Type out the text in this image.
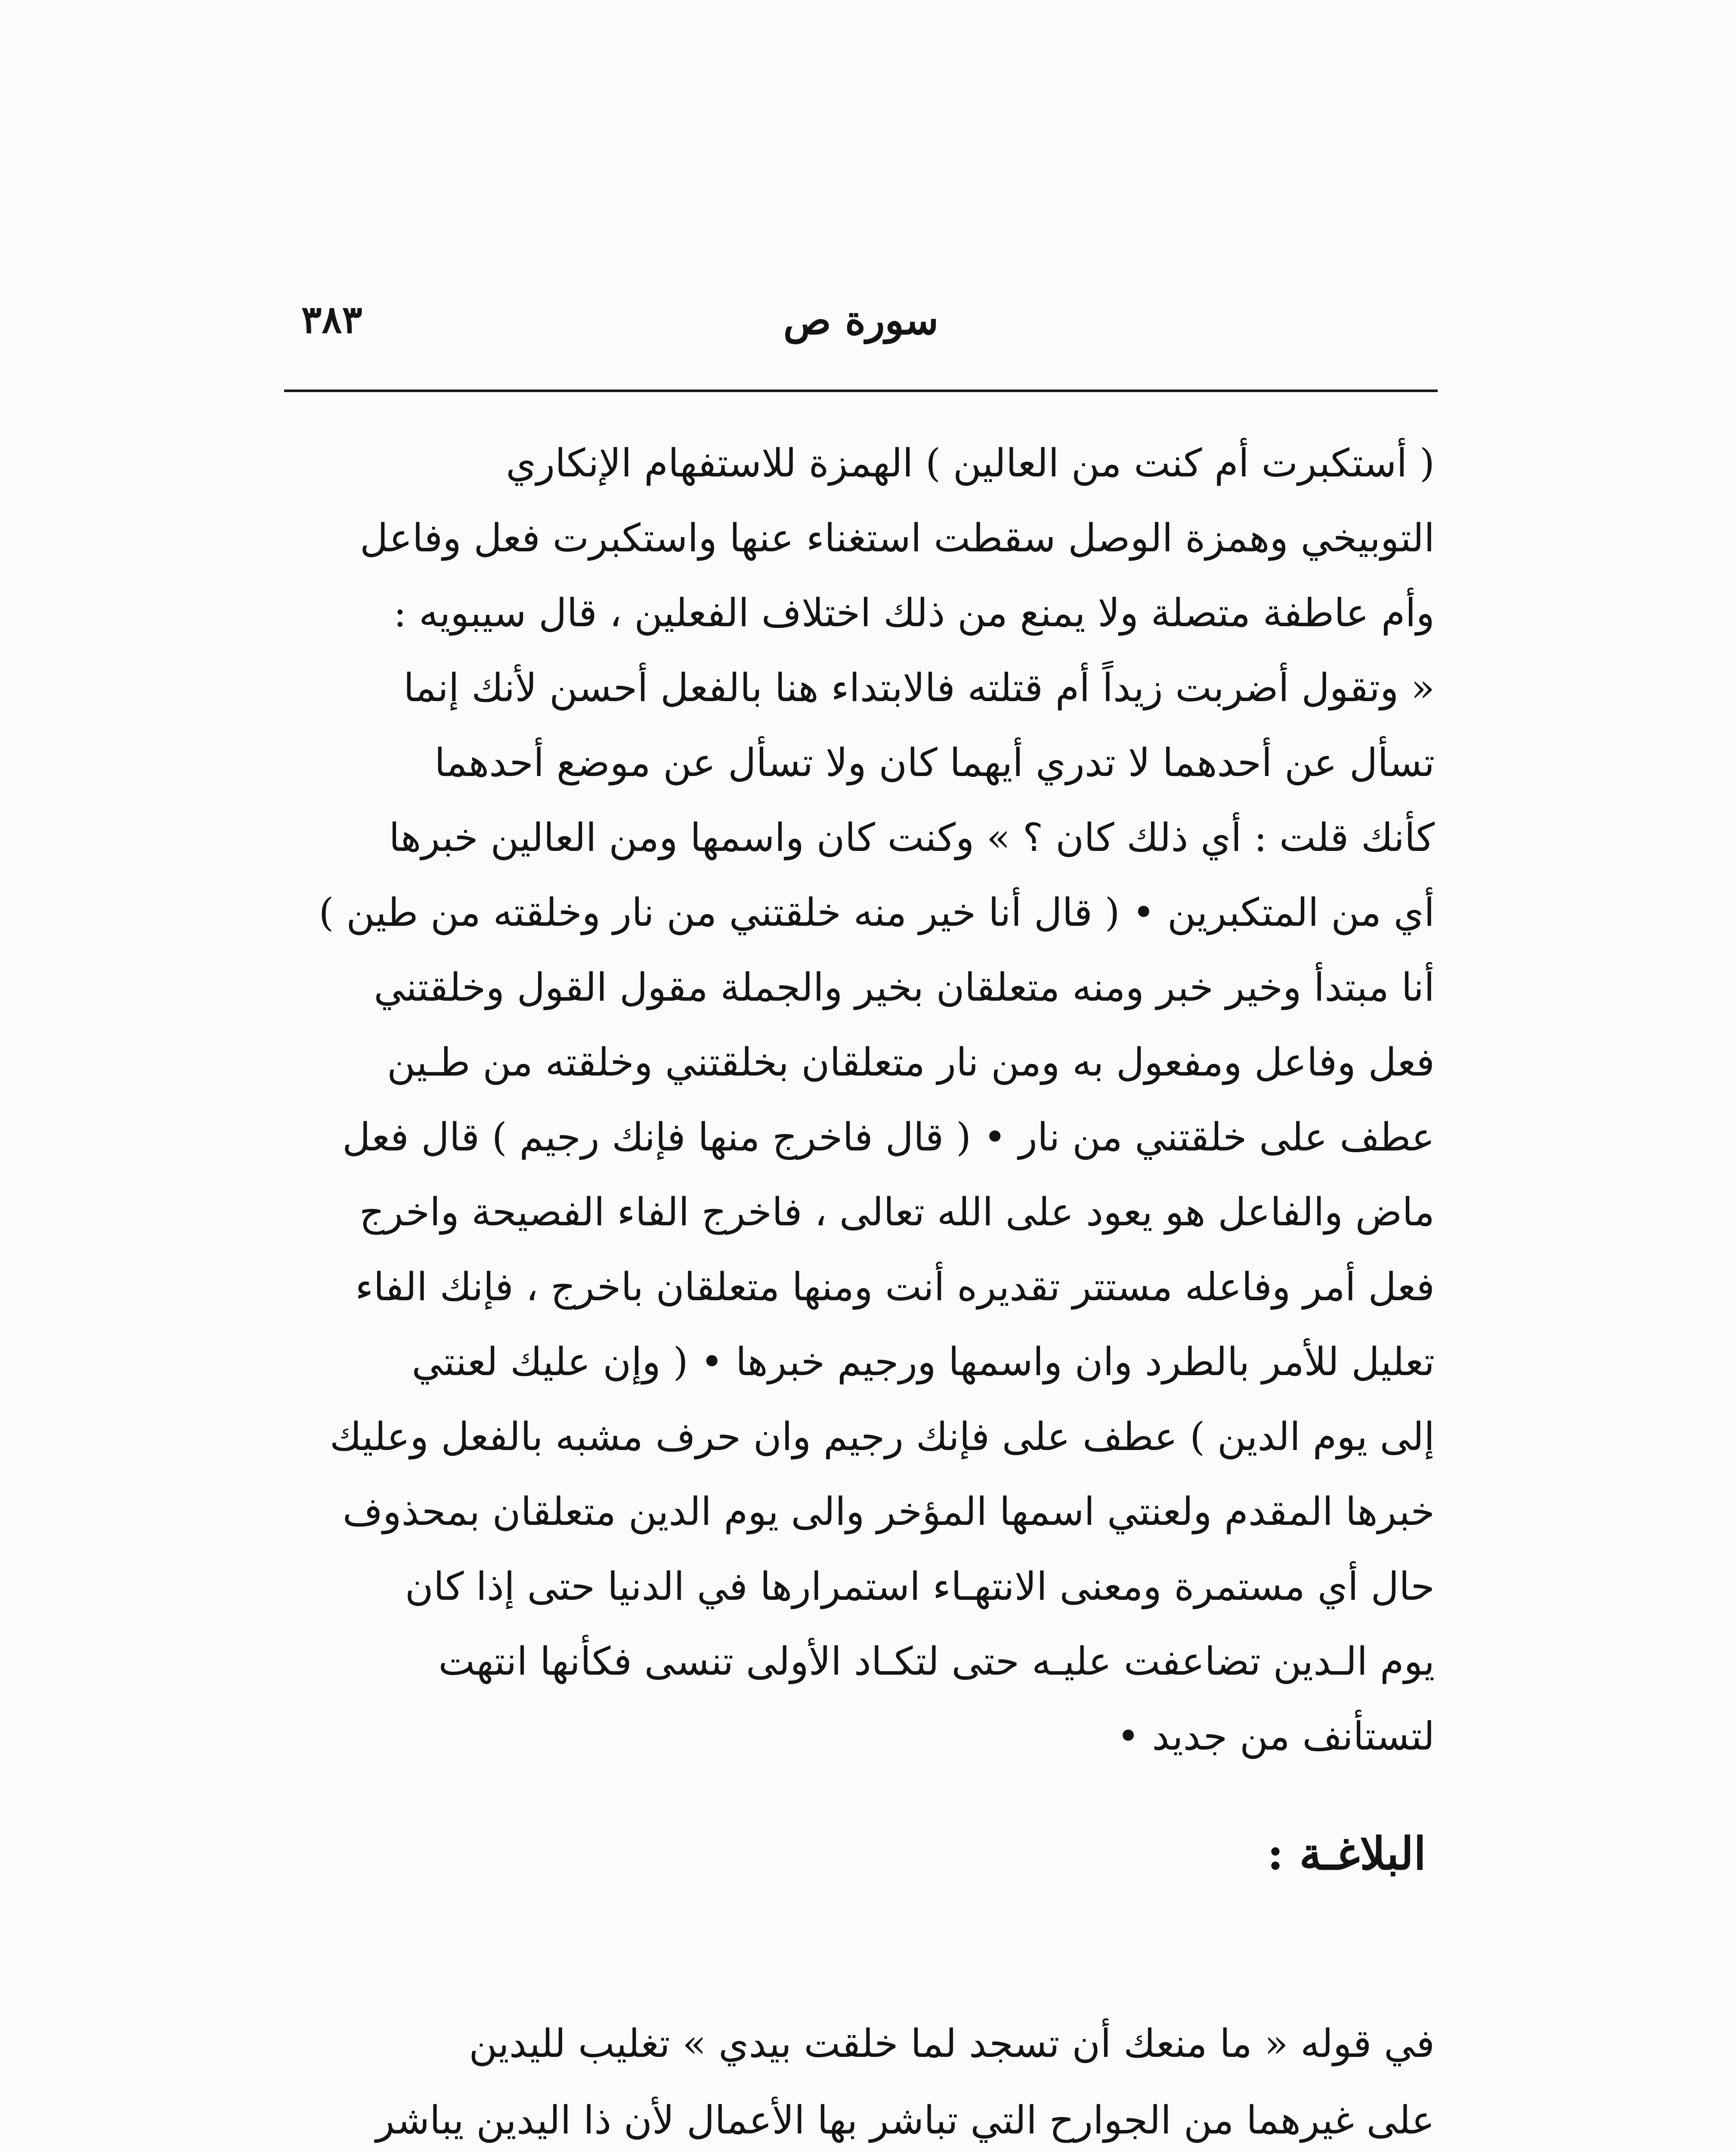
٣٨٣	سورة ص
( أستكبرت أم كنت من العالين ) الهمزة للاستفهام الإنكاري
التوبيخي وهمزة الوصل سقطت استغناء عنها واستكبرت فعل وفاعل
وأم عاطفة متصلة ولا يمنع من ذلك اختلاف الفعلين ، قال سيبويه :
« وتقول أضربت زيداً أم قتلته فالابتداء هنا بالفعل أحسن لأنك إنما
تسأل عن أحدهما لا تدري أيهما كان ولا تسأل عن موضع أحدهما
كأنك قلت : أي ذلك كان ؟ » وكنت كان واسمها ومن العالين خبرها
أي من المتكبرين • ( قال أنا خير منه خلقتني من نار وخلقته من طين )
أنا مبتدأ وخير خبر ومنه متعلقان بخير والجملة مقول القول وخلقتني
فعل وفاعل ومفعول به ومن نار متعلقان بخلقتني وخلقته من طـين
عطف على خلقتني من نار • ( قال فاخرج منها فإنك رجيم ) قال فعل
ماض والفاعل هو يعود على الله تعالى ، فاخرج الفاء الفصيحة واخرج
فعل أمر وفاعله مستتر تقديره أنت ومنها متعلقان باخرج ، فإنك الفاء
تعليل للأمر بالطرد وان واسمها ورجيم خبرها • ( وإن عليك لعنتي
إلى يوم الدين ) عطف على فإنك رجيم وان حرف مشبه بالفعل وعليك
خبرها المقدم ولعنتي اسمها المؤخر والى يوم الدين متعلقان بمحذوف
حال أي مستمرة ومعنى الانتهـاء استمرارها في الدنيا حتى إذا كان
يوم الـدين تضاعفت عليـه حتى لتكـاد الأولى تنسى فكأنها انتهت
لتستأنف من جديد •
البلاغـة :
في قوله « ما منعك أن تسجد لما خلقت بيدي » تغليب لليدين
على غيرهما من الجوارح التي تباشر بها الأعمال لأن ذا اليدين يباشر
